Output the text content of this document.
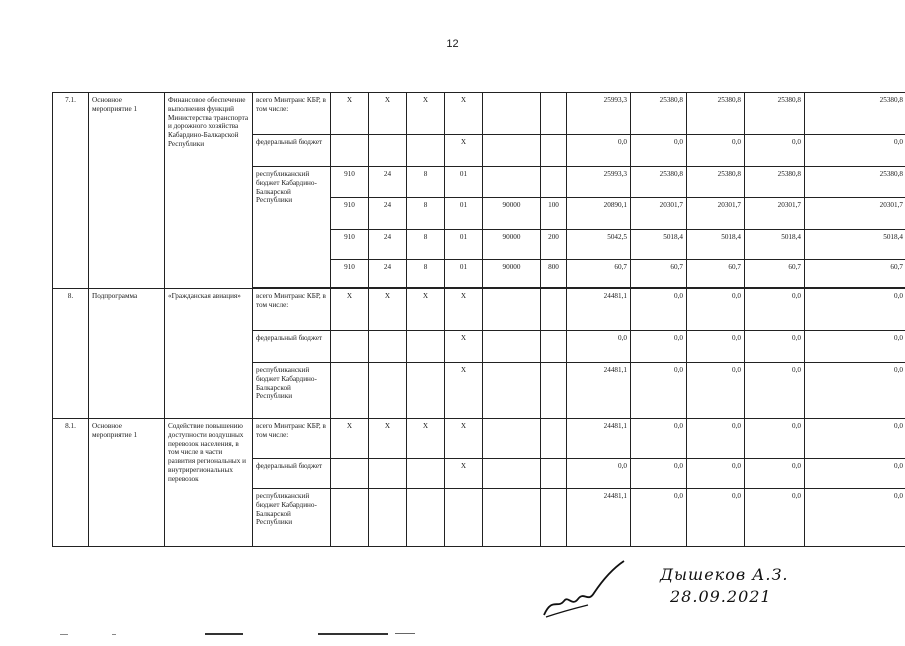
12
7.1.	Основное мероприятие 1	Финансовое обеспечение выполнения функций Министерства транспорта и дорожного хозяйства Кабардино-Балкарской Республики	всего Минтранс КБР, в том числе:	X	X	X	X			25993,3	25380,8	25380,8	25380,8	25380,8
			федеральный бюджет				X			0,0	0,0	0,0	0,0	0,0
			республиканский бюджет Кабардино-Балкарской Республики	910	24	8	01			25993,3	25380,8	25380,8	25380,8	25380,8
				910	24	8	01	90000	100	20890,1	20301,7	20301,7	20301,7	20301,7
				910	24	8	01	90000	200	5042,5	5018,4	5018,4	5018,4	5018,4
				910	24	8	01	90000	800	60,7	60,7	60,7	60,7	60,7

8.	Подпрограмма	«Гражданская авиация»	всего Минтранс КБР, в том числе:	X	X	X	X			24481,1	0,0	0,0	0,0	0,0
			федеральный бюджет				X			0,0	0,0	0,0	0,0	0,0
			республиканский бюджет Кабардино-Балкарской Республики				X			24481,1	0,0	0,0	0,0	0,0
8.1.	Основное мероприятие 1	Содействие повышению доступности воздушных перевозок населения, в том числе в части развития региональных и внутрирегиональных перевозок	всего Минтранс КБР, в том числе:	X	X	X	X			24481,1	0,0	0,0	0,0	0,0
			федеральный бюджет				X			0,0	0,0	0,0	0,0	0,0
			республиканский бюджет Кабардино-Балкарской Республики							24481,1	0,0	0,0	0,0	0,0
Дышеков А.З.
28.09.2021
